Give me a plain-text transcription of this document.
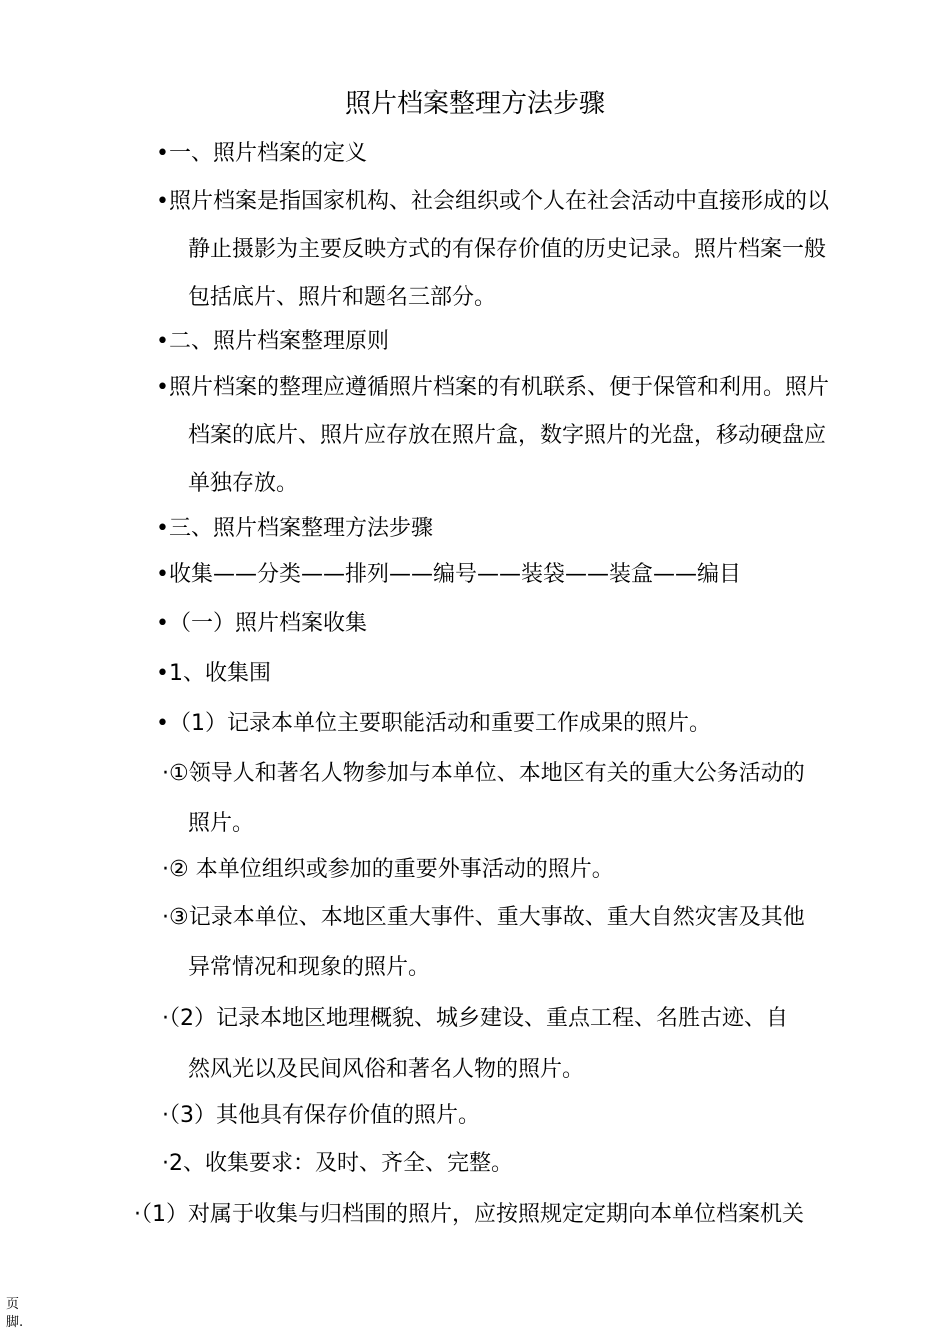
照片档案整理方法步骤
•一、照片档案的定义
•照片档案是指国家机构、社会组织或个人在社会活动中直接形成的以
静止摄影为主要反映方式的有保存价值的历史记录。照片档案一般
包括底片、照片和题名三部分。
•二、照片档案整理原则
•照片档案的整理应遵循照片档案的有机联系、便于保管和利用。照片
档案的底片、照片应存放在照片盒，数字照片的光盘，移动硬盘应
单独存放。
•三、照片档案整理方法步骤
•收集——分类——排列——编号——装袋——装盒——编目
•（一）照片档案收集
•1、收集围
•（1）记录本单位主要职能活动和重要工作成果的照片。
·①领导人和著名人物参加与本单位、本地区有关的重大公务活动的
照片。
·② 本单位组织或参加的重要外事活动的照片。
·③记录本单位、本地区重大事件、重大事故、重大自然灾害及其他
异常情况和现象的照片。
·（2）记录本地区地理概貌、城乡建设、重点工程、名胜古迹、自
然风光以及民间风俗和著名人物的照片。
·（3）其他具有保存价值的照片。
·2、收集要求：及时、齐全、完整。
·（1）对属于收集与归档围的照片，应按照规定定期向本单位档案机关
页脚.
